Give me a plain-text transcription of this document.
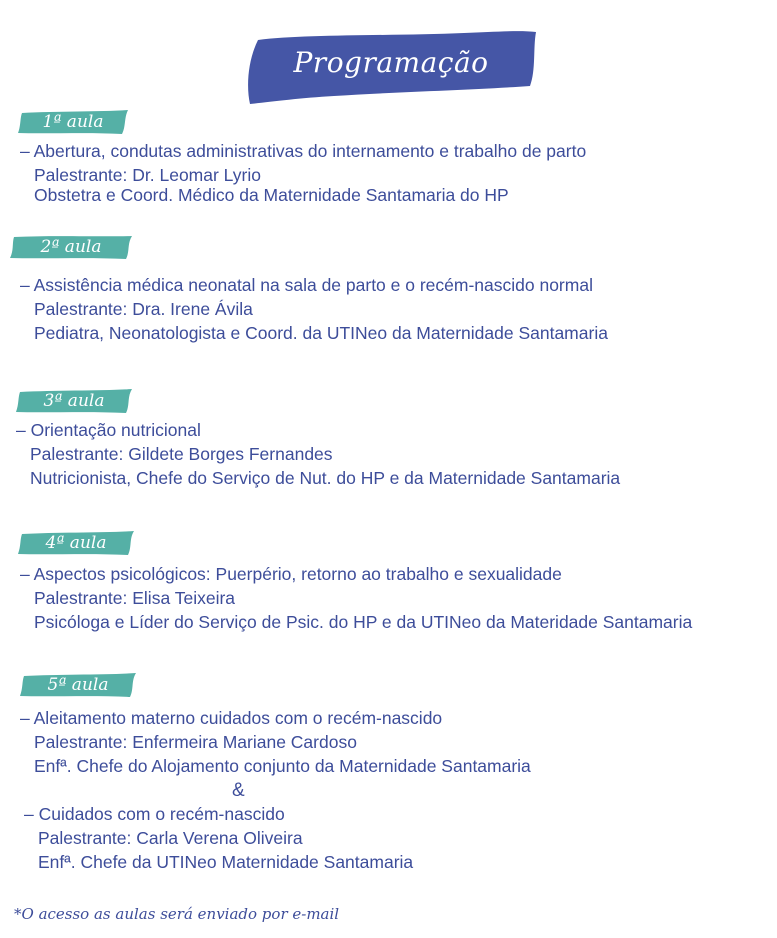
Programação
1ª aula
– Abertura, condutas administrativas do internamento e trabalho de parto
Palestrante: Dr. Leomar Lyrio
Obstetra e Coord. Médico da Maternidade Santamaria do HP
2ª aula
– Assistência médica neonatal na sala de parto e o recém-nascido normal
Palestrante: Dra. Irene Ávila
Pediatra, Neonatologista e Coord. da UTINeo da Maternidade Santamaria
3ª aula
– Orientação nutricional
Palestrante: Gildete Borges Fernandes
Nutricionista, Chefe do Serviço de Nut. do HP e da Maternidade Santamaria
4ª aula
– Aspectos psicológicos: Puerpério, retorno ao trabalho e sexualidade
Palestrante: Elisa Teixeira
Psicóloga e Líder do Serviço de Psic. do HP e da UTINeo da Materidade Santamaria
5ª aula
– Aleitamento materno cuidados com o recém-nascido
Palestrante: Enfermeira Mariane Cardoso
Enfª. Chefe do Alojamento conjunto da Maternidade Santamaria
&
– Cuidados com o recém-nascido
Palestrante: Carla Verena Oliveira
Enfª. Chefe da UTINeo Maternidade Santamaria
*O acesso as aulas será enviado por e-mail
